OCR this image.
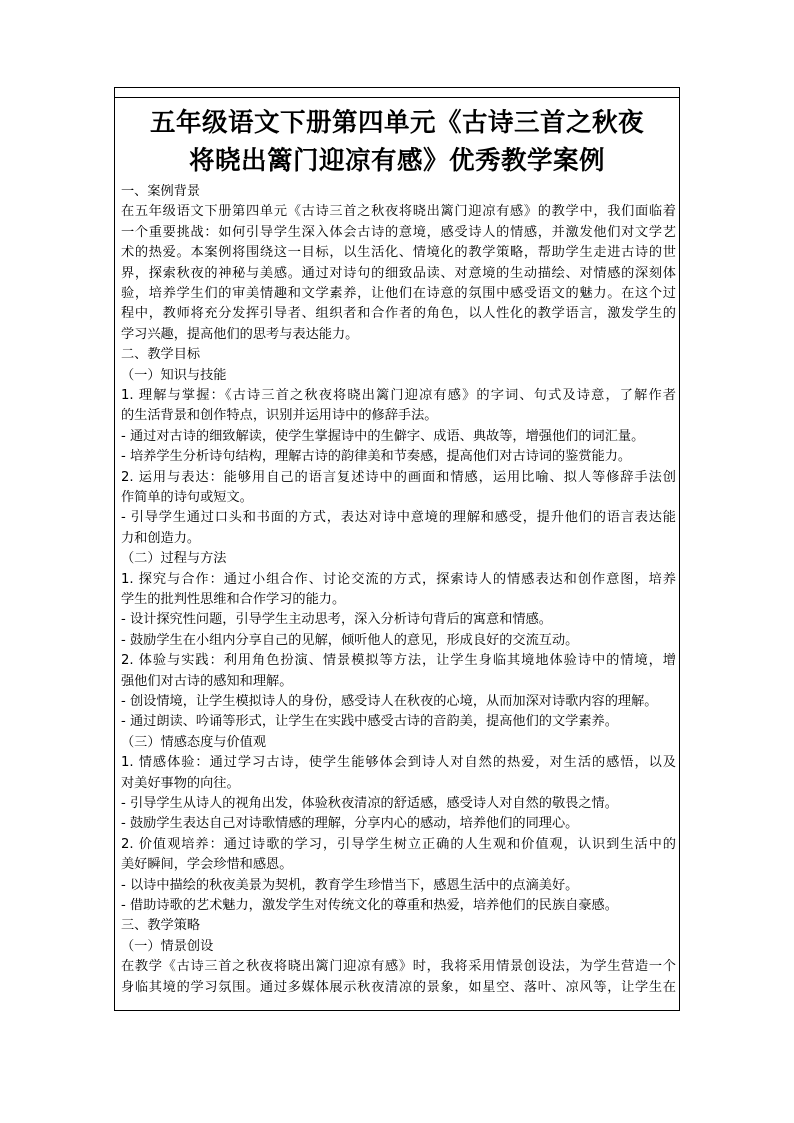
五年级语文下册第四单元《古诗三首之秋夜
将晓出篱门迎凉有感》优秀教学案例
一、案例背景
在五年级语文下册第四单元《古诗三首之秋夜将晓出篱门迎凉有感》的教学中，我们面临着
一个重要挑战：如何引导学生深入体会古诗的意境，感受诗人的情感，并激发他们对文学艺
术的热爱。本案例将围绕这一目标，以生活化、情境化的教学策略，帮助学生走进古诗的世
界，探索秋夜的神秘与美感。通过对诗句的细致品读、对意境的生动描绘、对情感的深刻体
验，培养学生们的审美情趣和文学素养，让他们在诗意的氛围中感受语文的魅力。在这个过
程中，教师将充分发挥引导者、组织者和合作者的角色，以人性化的教学语言，激发学生的
学习兴趣，提高他们的思考与表达能力。
二、教学目标
（一）知识与技能
1. 理解与掌握：《古诗三首之秋夜将晓出篱门迎凉有感》的字词、句式及诗意，了解作者
的生活背景和创作特点，识别并运用诗中的修辞手法。
- 通过对古诗的细致解读，使学生掌握诗中的生僻字、成语、典故等，增强他们的词汇量。
- 培养学生分析诗句结构，理解古诗的韵律美和节奏感，提高他们对古诗词的鉴赏能力。
2. 运用与表达：能够用自己的语言复述诗中的画面和情感，运用比喻、拟人等修辞手法创
作简单的诗句或短文。
- 引导学生通过口头和书面的方式，表达对诗中意境的理解和感受，提升他们的语言表达能
力和创造力。
（二）过程与方法
1. 探究与合作：通过小组合作、讨论交流的方式，探索诗人的情感表达和创作意图，培养
学生的批判性思维和合作学习的能力。
- 设计探究性问题，引导学生主动思考，深入分析诗句背后的寓意和情感。
- 鼓励学生在小组内分享自己的见解，倾听他人的意见，形成良好的交流互动。
2. 体验与实践：利用角色扮演、情景模拟等方法，让学生身临其境地体验诗中的情境，增
强他们对古诗的感知和理解。
- 创设情境，让学生模拟诗人的身份，感受诗人在秋夜的心境，从而加深对诗歌内容的理解。
- 通过朗读、吟诵等形式，让学生在实践中感受古诗的音韵美，提高他们的文学素养。
（三）情感态度与价值观
1. 情感体验：通过学习古诗，使学生能够体会到诗人对自然的热爱，对生活的感悟，以及
对美好事物的向往。
- 引导学生从诗人的视角出发，体验秋夜清凉的舒适感，感受诗人对自然的敬畏之情。
- 鼓励学生表达自己对诗歌情感的理解，分享内心的感动，培养他们的同理心。
2. 价值观培养：通过诗歌的学习，引导学生树立正确的人生观和价值观，认识到生活中的
美好瞬间，学会珍惜和感恩。
- 以诗中描绘的秋夜美景为契机，教育学生珍惜当下，感恩生活中的点滴美好。
- 借助诗歌的艺术魅力，激发学生对传统文化的尊重和热爱，培养他们的民族自豪感。
三、教学策略
（一）情景创设
在教学《古诗三首之秋夜将晓出篱门迎凉有感》时，我将采用情景创设法，为学生营造一个
身临其境的学习氛围。通过多媒体展示秋夜清凉的景象，如星空、落叶、凉风等，让学生在
